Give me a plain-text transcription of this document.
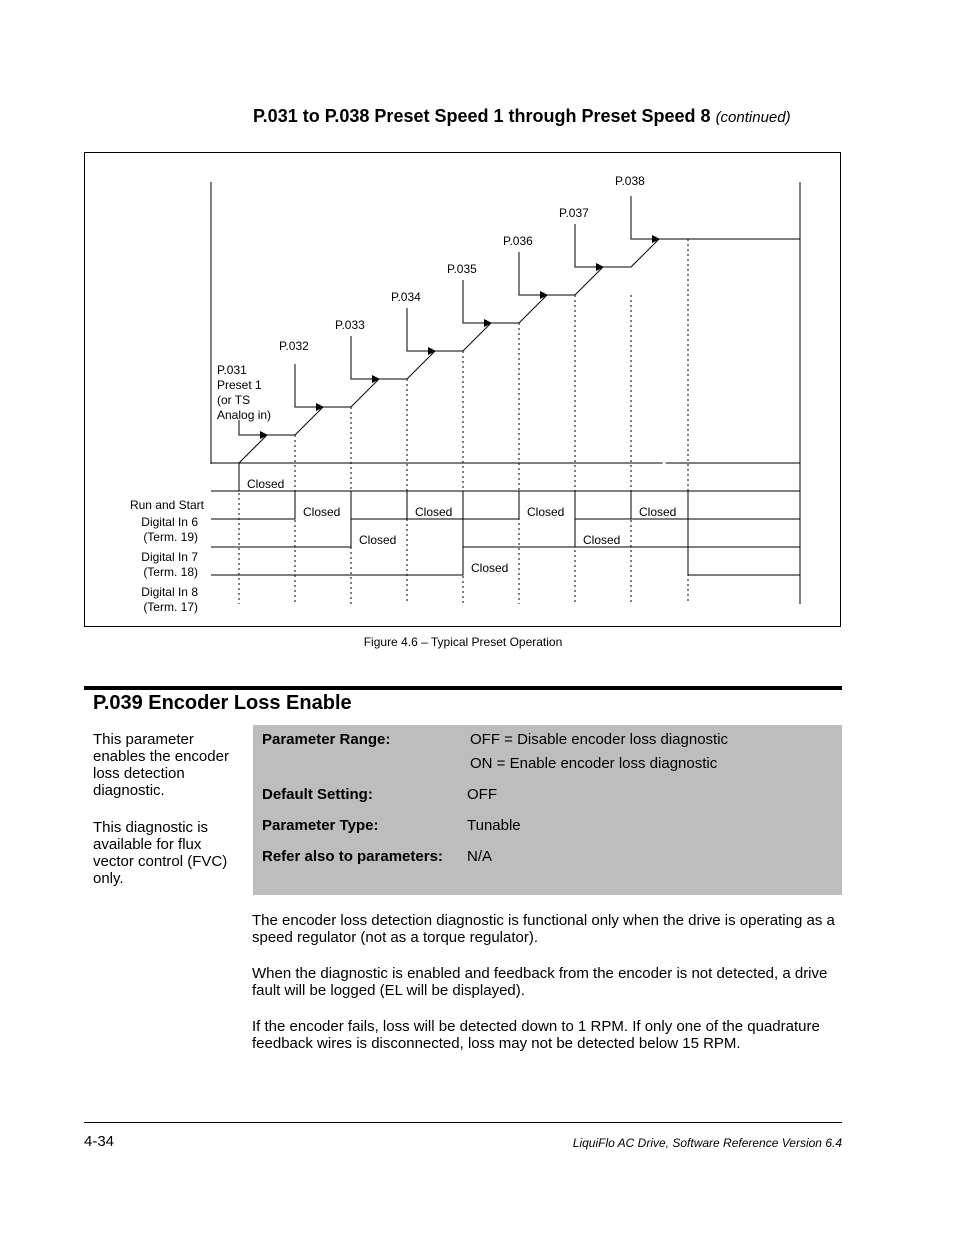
P.031 to P.038 Preset Speed 1 through Preset Speed 8 (continued)
P.032
P.033
P.034
P.035
P.036
P.037
P.038
P.031
Preset 1
(or TS
Analog in)
Closed
Closed	Closed	Closed	Closed
Closed	Closed
Closed
Run and Start
Digital In 6
(Term. 19)
Digital In 7
(Term. 18)
Digital In 8
(Term. 17)
Figure 4.6 – Typical Preset Operation
P.039 Encoder Loss Enable
This parameter enables the encoder loss detection diagnostic.
This diagnostic is available for flux vector control (FVC) only.
Parameter Range:	OFF = Disable encoder loss diagnostic
ON = Enable encoder loss diagnostic
Default Setting:	OFF
Parameter Type:	Tunable
Refer also to parameters: N/A
The encoder loss detection diagnostic is functional only when the drive is operating as a speed regulator (not as a torque regulator).
When the diagnostic is enabled and feedback from the encoder is not detected, a drive fault will be logged (EL will be displayed).
If the encoder fails, loss will be detected down to 1 RPM. If only one of the quadrature feedback wires is disconnected, loss may not be detected below 15 RPM.
4-34	LiquiFlo AC Drive, Software Reference Version 6.4
